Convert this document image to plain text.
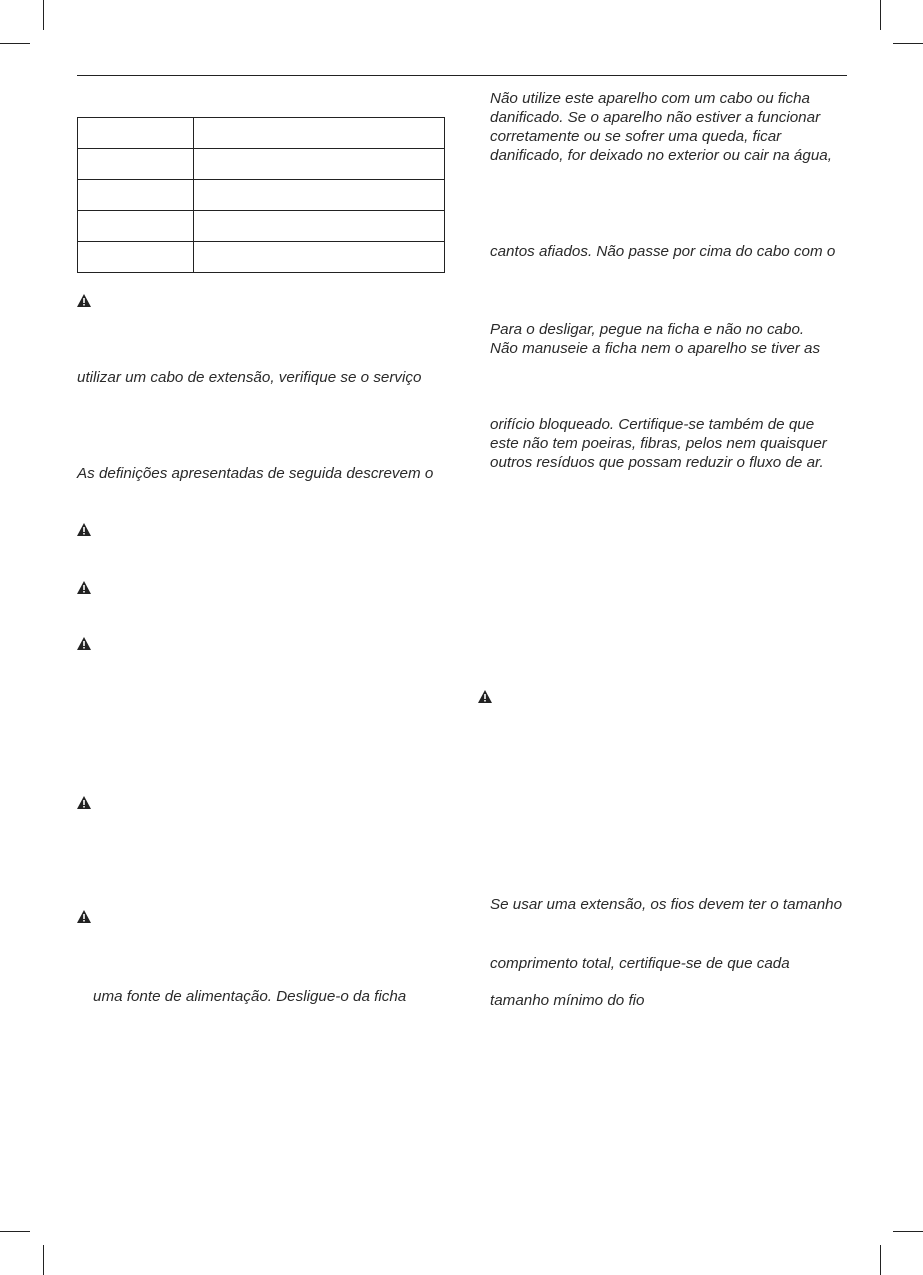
utilizar um cabo de extensão, verifique se o serviço
As definições apresentadas de seguida descrevem o
uma fonte de alimentação. Desligue-o da ficha
Não utilize este aparelho com um cabo ou ficha
danificado. Se o aparelho não estiver a funcionar
corretamente ou se sofrer uma queda, ficar
danificado, for deixado no exterior ou cair na água,
cantos afiados. Não passe por cima do cabo com o
Para o desligar, pegue na ficha e não no cabo.
Não manuseie a ficha nem o aparelho se tiver as
orifício bloqueado. Certifique-se também de que
este não tem poeiras, fibras, pelos nem quaisquer
outros resíduos que possam reduzir o fluxo de ar.
Se usar uma extensão, os fios devem ter o tamanho
comprimento total, certifique-se de que cada
tamanho mínimo do fio
